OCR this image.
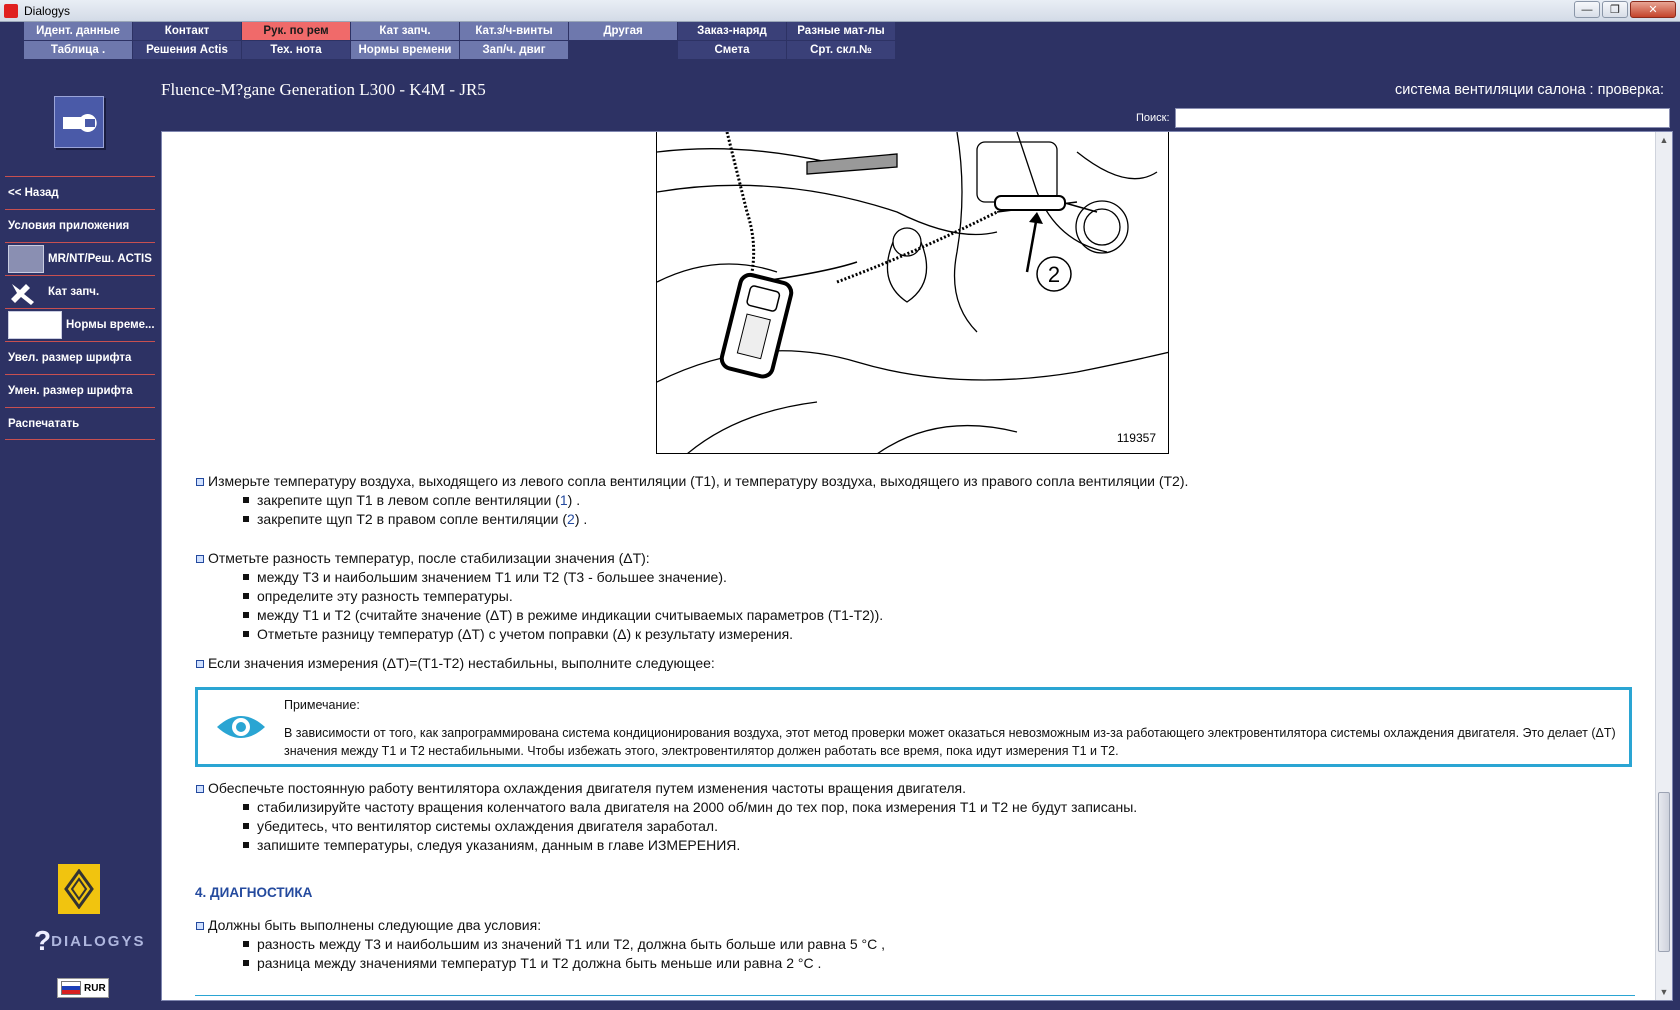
Dialogys	—	❐	✕
Идент. данные	Контакт	Рук. по рем	Кат запч.	Кат.з/ч-винты	Другая	Заказ-наряд	Разные мат-лы
Таблица .	Решения Actis	Тех. нота	Нормы времени	Зап/ч. двиг	Смета	Срт. скл.№
Fluence-M?gane Generation L300 - K4M - JR5	система вентиляции салона : проверка:
<< Назад
Условия приложения
MR/NT/Реш. ACTIS
Кат запч.
Нормы време...
Увел. размер шрифта
Умен. размер шрифта
Распечатать
?DIALOGYS
RUR
Поиск:
2
119357
Измерьте температуру воздуха, выходящего из левого сопла вентиляции (T1), и температуру воздуха, выходящего из правого сопла вентиляции (T2).
закрепите щуп T1 в левом сопле вентиляции (1) .
закрепите щуп T2 в правом сопле вентиляции (2) .
Отметьте разность температур, после стабилизации значения (ΔT):
между T3 и наибольшим значением T1 или T2 (T3 - большее значение).
определите эту разность температуры.
между T1 и T2 (считайте значение (ΔT) в режиме индикации считываемых параметров (T1-T2)).
Отметьте разницу температур (ΔT) с учетом поправки (Δ) к результату измерения.
Если значения измерения (ΔT)=(T1-T2) нестабильны, выполните следующее:
Примечание:
В зависимости от того, как запрограммирована система кондиционирования воздуха, этот метод проверки может оказаться невозможным из-за работающего электровентилятора системы охлаждения двигателя. Это делает (ΔT) значения между T1 и T2 нестабильными. Чтобы избежать этого, электровентилятор должен работать все время, пока идут измерения T1 и T2.
Обеспечьте постоянную работу вентилятора охлаждения двигателя путем изменения частоты вращения двигателя.
стабилизируйте частоту вращения коленчатого вала двигателя на 2000 об/мин до тех пор, пока измерения T1 и T2 не будут записаны.
убедитесь, что вентилятор системы охлаждения двигателя заработал.
запишите температуры, следуя указаниям, данным в главе ИЗМЕРЕНИЯ.
4. ДИАГНОСТИКА
Должны быть выполнены следующие два условия:
разность между T3 и наибольшим из значений T1 или T2, должна быть больше или равна 5 °C ,
разница между значениями температур T1 и T2 должна быть меньше или равна 2 °C .
▲
▼
